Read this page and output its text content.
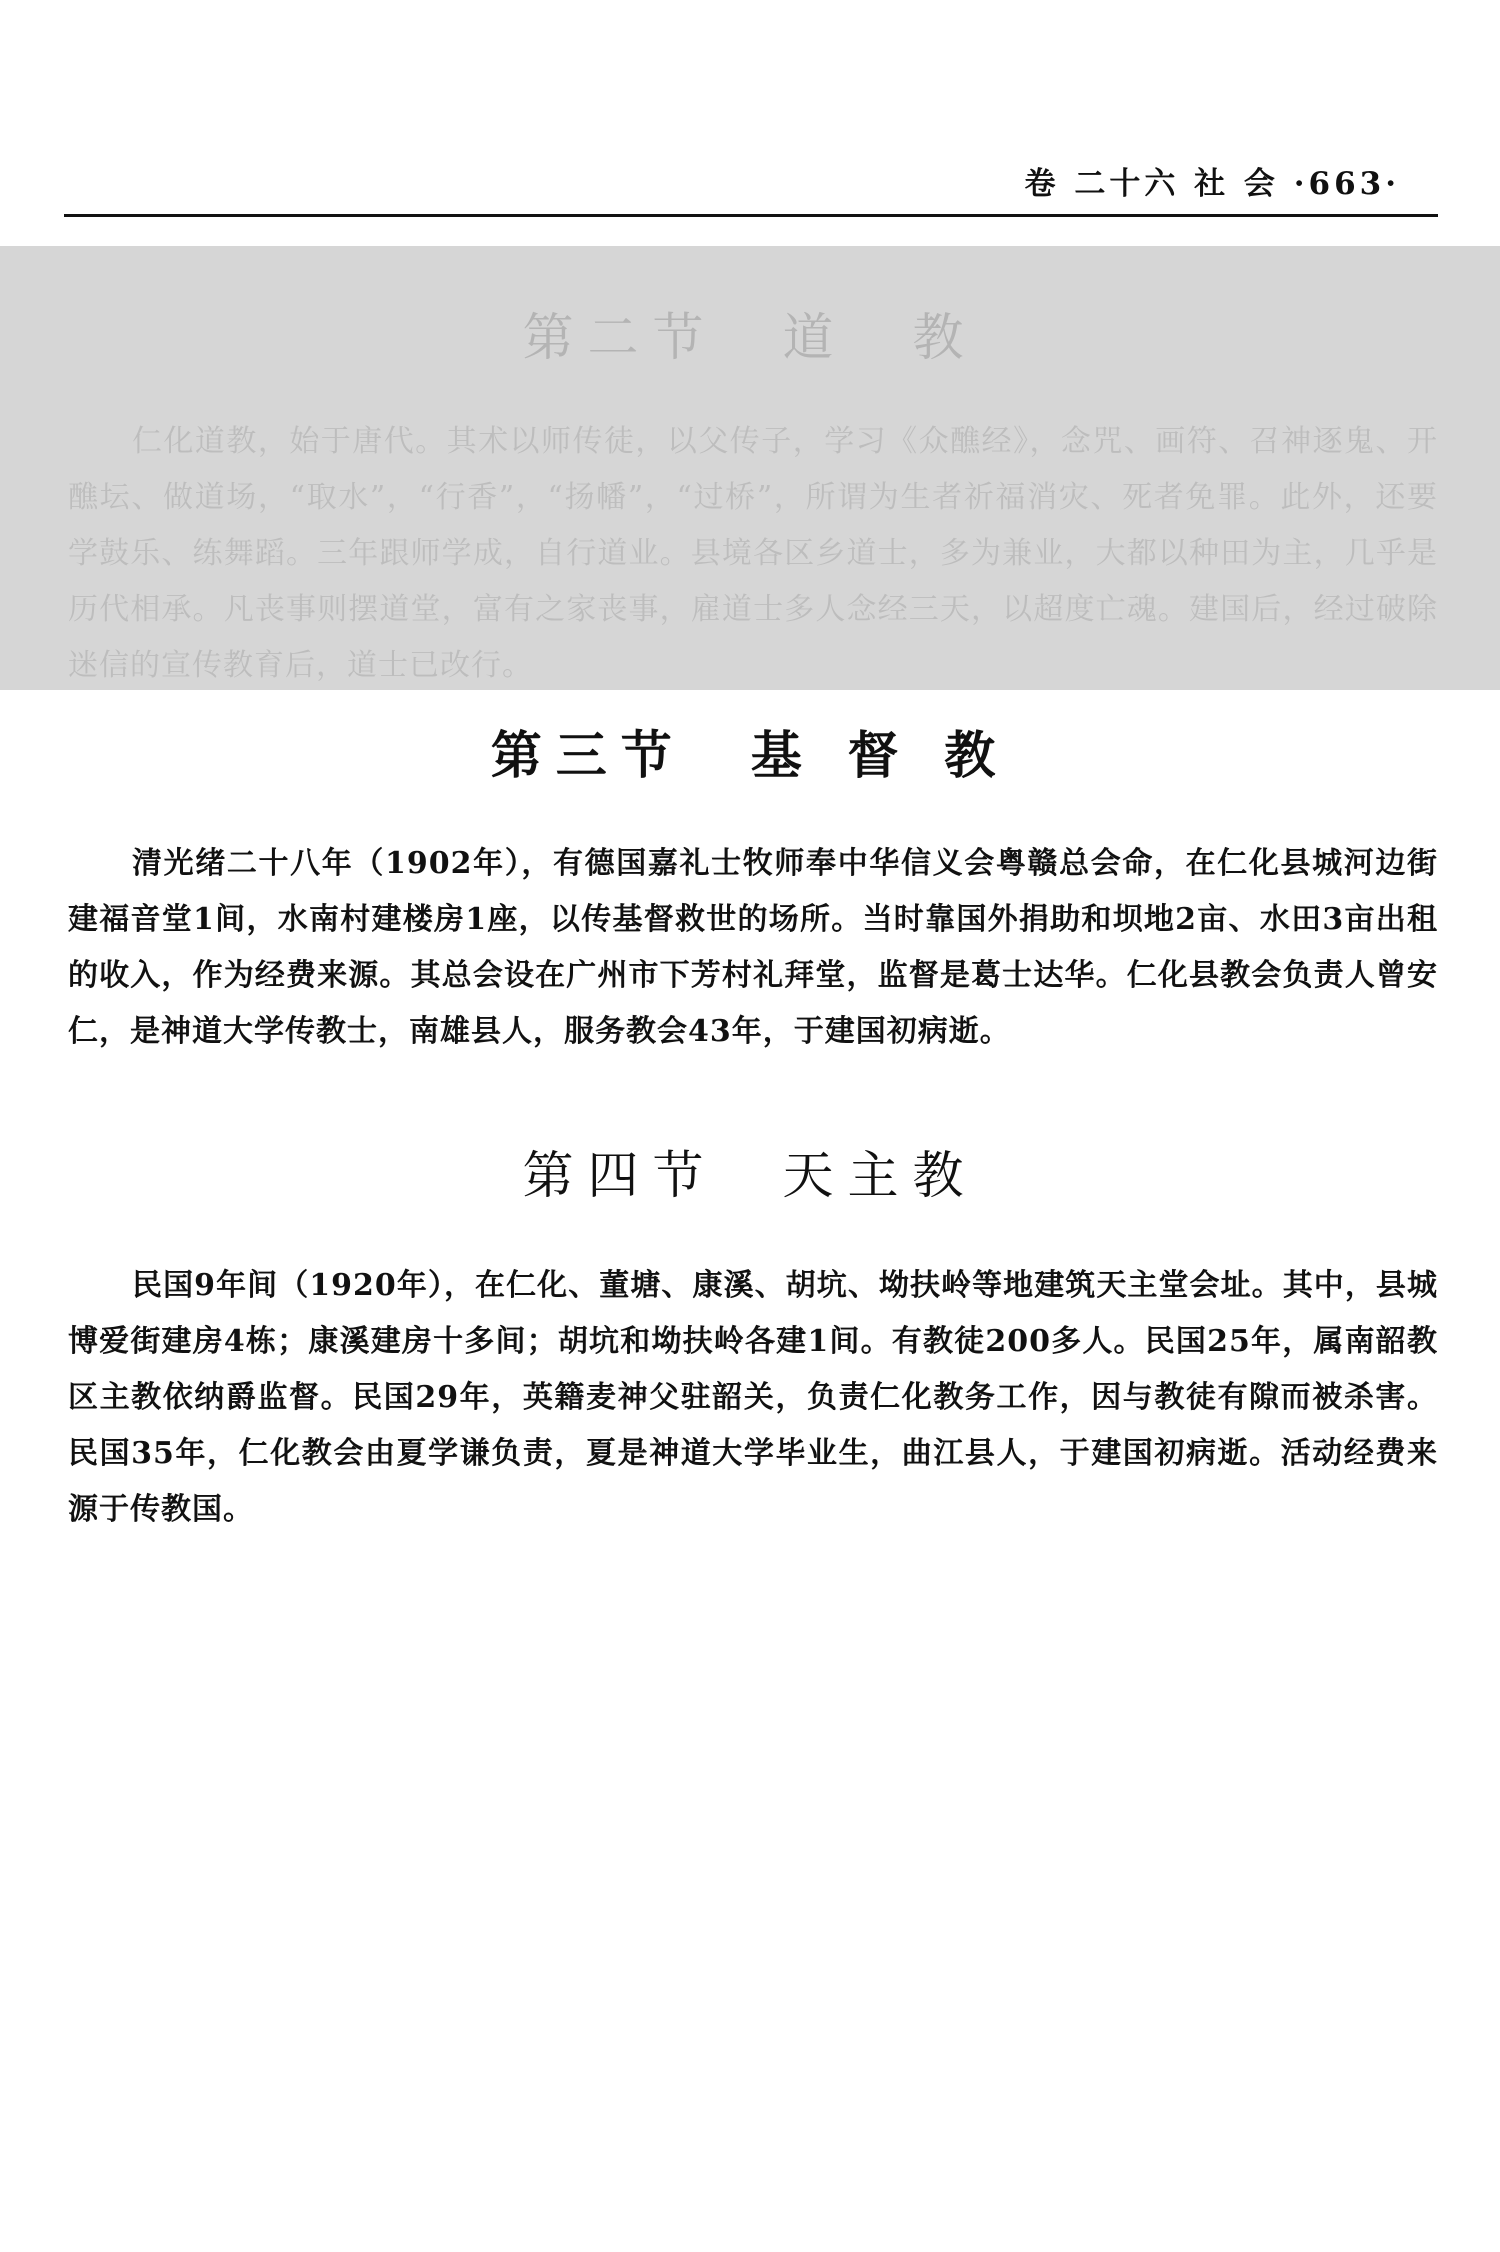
卷 二十六 社 会 ·663·
第二节　道　教

仁化道教，始于唐代。其术以师传徒，以父传子，学习《众醮经》，念咒、画符、召神逐鬼、开醮坛、做道场，“取水”，“行香”，“扬幡”，“过桥”，所谓为生者祈福消灾、死者免罪。此外，还要学鼓乐、练舞蹈。三年跟师学成，自行道业。县境各区乡道士，多为兼业，大都以种田为主，几乎是历代相承。凡丧事则摆道堂，富有之家丧事，雇道士多人念经三天，以超度亡魂。建国后，经过破除迷信的宣传教育后，道士已改行。

第三节　基 督 教

清光绪二十八年（1902年），有德国嘉礼士牧师奉中华信义会粤赣总会命，在仁化县城河边街建福音堂1间，水南村建楼房1座，以传基督救世的场所。当时靠国外捐助和坝地2亩、水田3亩出租的收入，作为经费来源。其总会设在广州市下芳村礼拜堂，监督是葛士达华。仁化县教会负责人曾安仁，是神道大学传教士，南雄县人，服务教会43年，于建国初病逝。

第四节　天主教

民国9年间（1920年），在仁化、董塘、康溪、胡坑、坳扶岭等地建筑天主堂会址。其中，县城博爱街建房4栋；康溪建房十多间；胡坑和坳扶岭各建1间。有教徒200多人。民国25年，属南韶教区主教依纳爵监督。民国29年，英籍麦神父驻韶关，负责仁化教务工作，因与教徒有隙而被杀害。民国35年，仁化教会由夏学谦负责，夏是神道大学毕业生，曲江县人，于建国初病逝。活动经费来源于传教国。
